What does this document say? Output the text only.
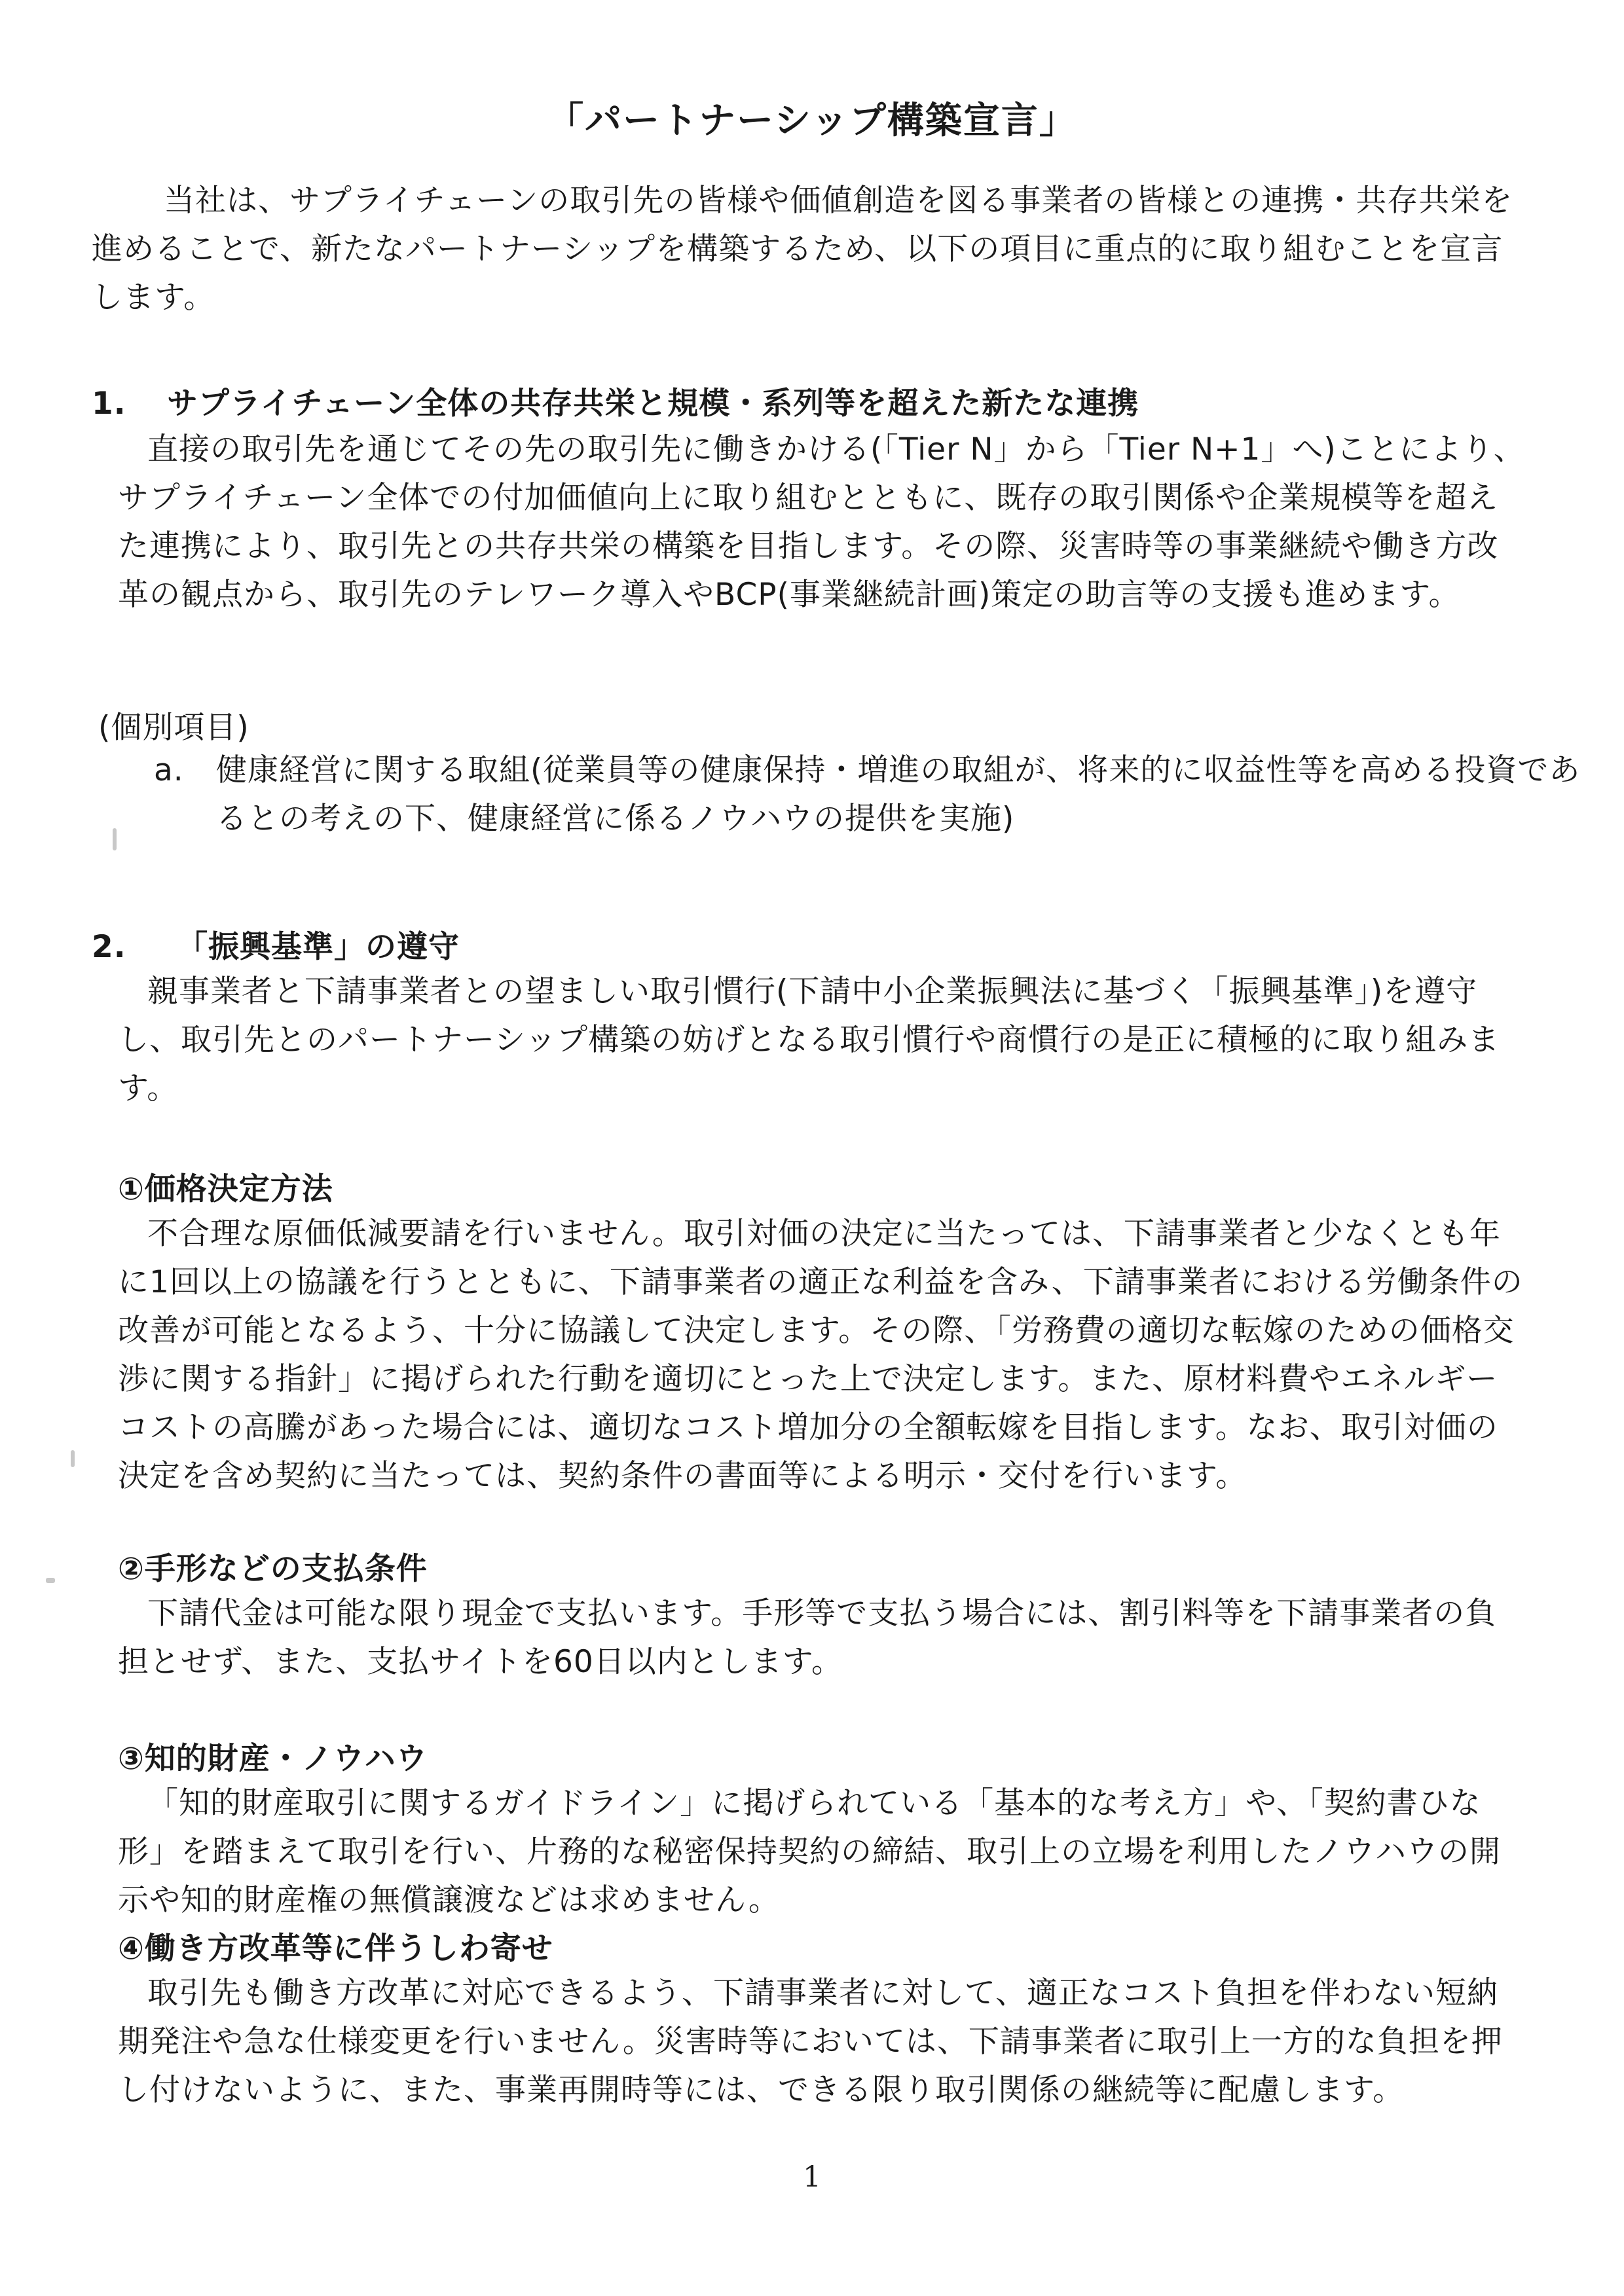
「パートナーシップ構築宣言」
当社は、サプライチェーンの取引先の皆様や価値創造を図る事業者の皆様との連携・共存共栄を進めることで、新たなパートナーシップを構築するため、以下の項目に重点的に取り組むことを宣言します。
1. サプライチェーン全体の共存共栄と規模・系列等を超えた新たな連携
直接の取引先を通じてその先の取引先に働きかける(「Tier N」から「Tier N+1」へ)ことにより、サプライチェーン全体での付加価値向上に取り組むとともに、既存の取引関係や企業規模等を超えた連携により、取引先との共存共栄の構築を目指します。その際、災害時等の事業継続や働き方改革の観点から、取引先のテレワーク導入やBCP(事業継続計画)策定の助言等の支援も進めます。
(個別項目)
a. 健康経営に関する取組(従業員等の健康保持・増進の取組が、将来的に収益性等を高める投資であるとの考えの下、健康経営に係るノウハウの提供を実施)
2. 「振興基準」の遵守
親事業者と下請事業者との望ましい取引慣行(下請中小企業振興法に基づく「振興基準」)を遵守し、取引先とのパートナーシップ構築の妨げとなる取引慣行や商慣行の是正に積極的に取り組みます。
①価格決定方法
不合理な原価低減要請を行いません。取引対価の決定に当たっては、下請事業者と少なくとも年に1回以上の協議を行うとともに、下請事業者の適正な利益を含み、下請事業者における労働条件の改善が可能となるよう、十分に協議して決定します。その際、「労務費の適切な転嫁のための価格交渉に関する指針」に掲げられた行動を適切にとった上で決定します。また、原材料費やエネルギーコストの高騰があった場合には、適切なコスト増加分の全額転嫁を目指します。なお、取引対価の決定を含め契約に当たっては、契約条件の書面等による明示・交付を行います。
②手形などの支払条件
下請代金は可能な限り現金で支払います。手形等で支払う場合には、割引料等を下請事業者の負担とせず、また、支払サイトを60日以内とします。
③知的財産・ノウハウ
「知的財産取引に関するガイドライン」に掲げられている「基本的な考え方」や、「契約書ひな形」を踏まえて取引を行い、片務的な秘密保持契約の締結、取引上の立場を利用したノウハウの開示や知的財産権の無償譲渡などは求めません。
④働き方改革等に伴うしわ寄せ
取引先も働き方改革に対応できるよう、下請事業者に対して、適正なコスト負担を伴わない短納期発注や急な仕様変更を行いません。災害時等においては、下請事業者に取引上一方的な負担を押し付けないように、また、事業再開時等には、できる限り取引関係の継続等に配慮します。
1
